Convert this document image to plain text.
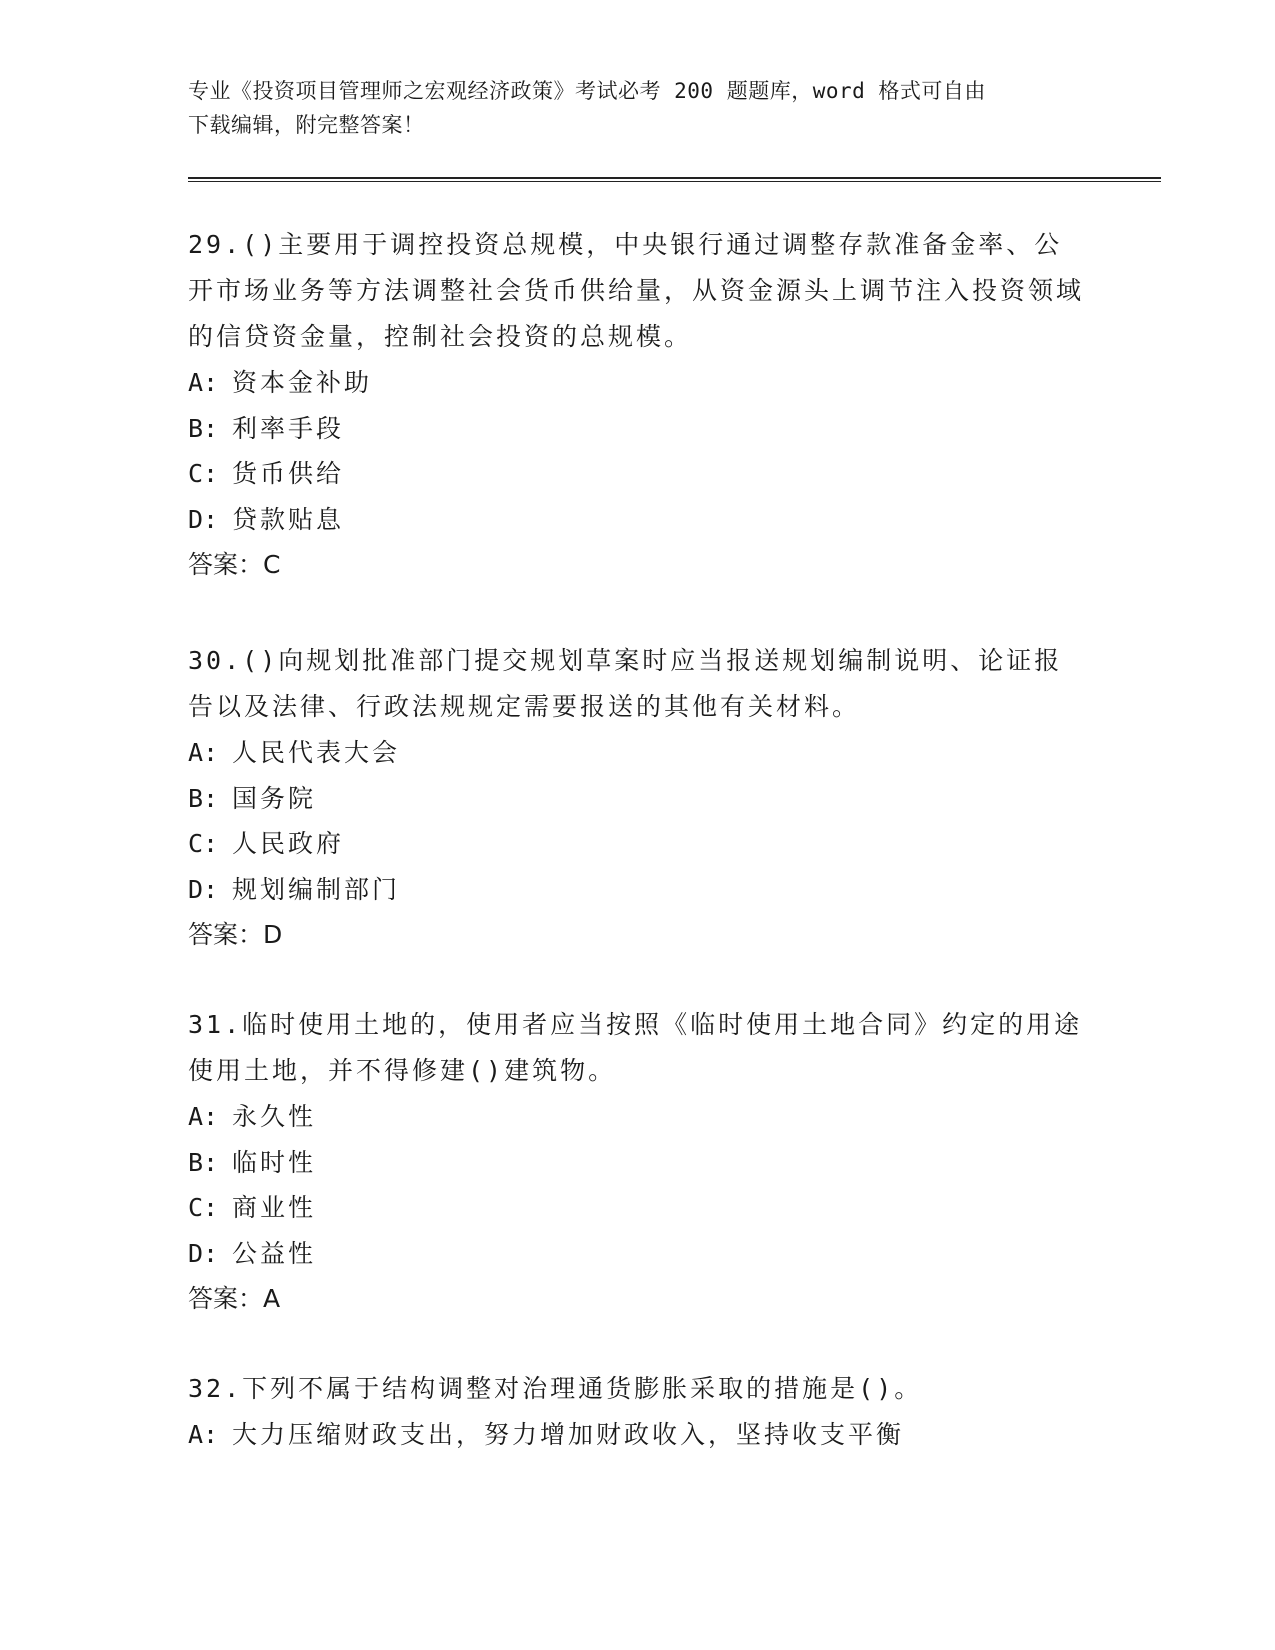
专业《投资项目管理师之宏观经济政策》考试必考 200 题题库，word 格式可自由
下载编辑，附完整答案！
29.()主要用于调控投资总规模，中央银行通过调整存款准备金率、公开市场业务等方法调整社会货币供给量，从资金源头上调节注入投资领域的信贷资金量，控制社会投资的总规模。
A: 资本金补助
B: 利率手段
C: 货币供给
D: 贷款贴息
答案：C
30.()向规划批准部门提交规划草案时应当报送规划编制说明、论证报告以及法律、行政法规规定需要报送的其他有关材料。
A: 人民代表大会
B: 国务院
C: 人民政府
D: 规划编制部门
答案：D
31.临时使用土地的，使用者应当按照《临时使用土地合同》约定的用途使用土地，并不得修建()建筑物。
A: 永久性
B: 临时性
C: 商业性
D: 公益性
答案：A
32.下列不属于结构调整对治理通货膨胀采取的措施是()。
A: 大力压缩财政支出，努力增加财政收入，坚持收支平衡
